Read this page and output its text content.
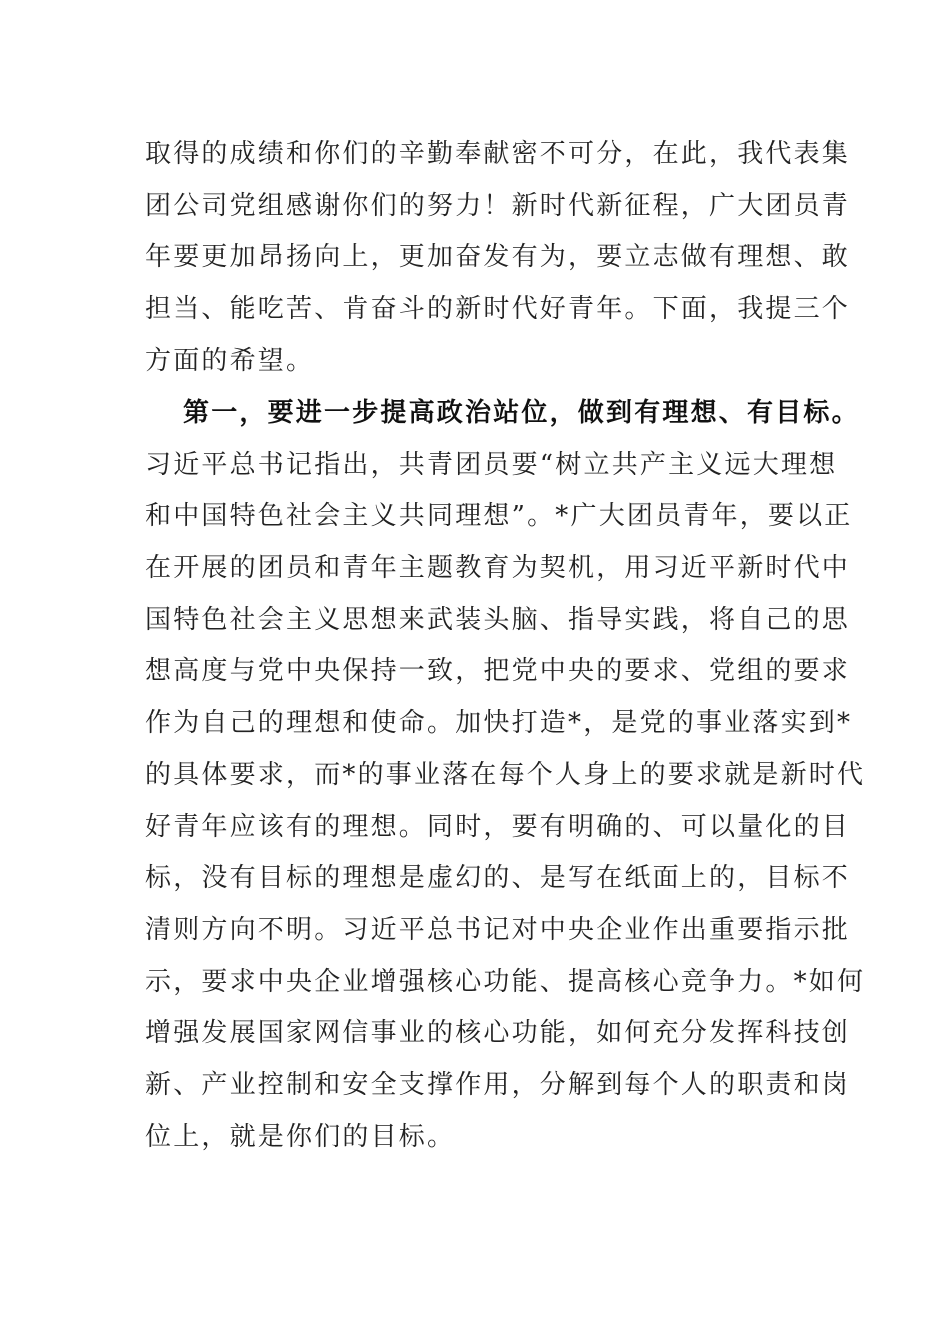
取得的成绩和你们的辛勤奉献密不可分，在此，我代表集
团公司党组感谢你们的努力！新时代新征程，广大团员青
年要更加昂扬向上，更加奋发有为，要立志做有理想、敢
担当、能吃苦、肯奋斗的新时代好青年。下面，我提三个
方面的希望。
第一，要进一步提高政治站位，做到有理想、有目标。
习近平总书记指出，共青团员要“树立共产主义远大理想
和中国特色社会主义共同理想”。*广大团员青年，要以正
在开展的团员和青年主题教育为契机，用习近平新时代中
国特色社会主义思想来武装头脑、指导实践，将自己的思
想高度与党中央保持一致，把党中央的要求、党组的要求
作为自己的理想和使命。加快打造*，是党的事业落实到*
的具体要求，而*的事业落在每个人身上的要求就是新时代
好青年应该有的理想。同时，要有明确的、可以量化的目
标，没有目标的理想是虚幻的、是写在纸面上的，目标不
清则方向不明。习近平总书记对中央企业作出重要指示批
示，要求中央企业增强核心功能、提高核心竞争力。*如何
增强发展国家网信事业的核心功能，如何充分发挥科技创
新、产业控制和安全支撑作用，分解到每个人的职责和岗
位上，就是你们的目标。
